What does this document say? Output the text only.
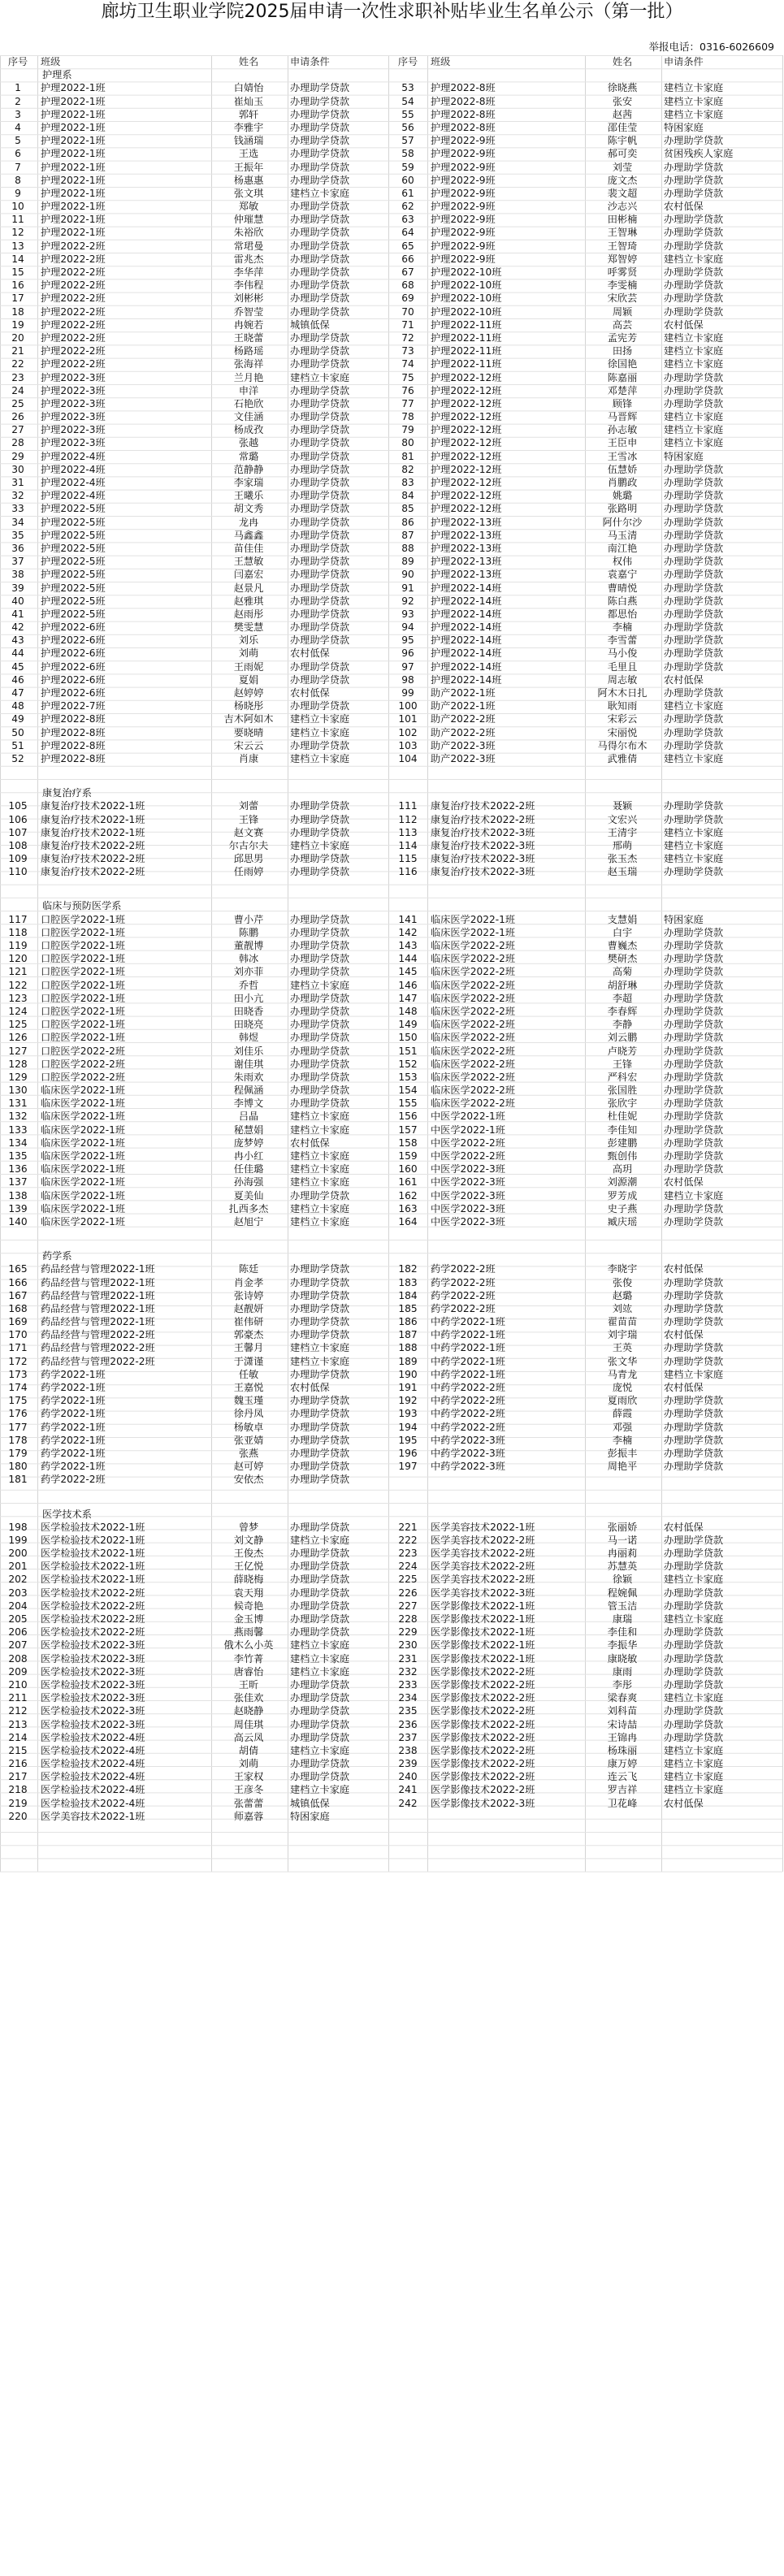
廊坊卫生职业学院2025届申请一次性求职补贴毕业生名单公示（第一批）
举报电话：0316-6026609
序号	班级	姓名	申请条件	序号	班级	姓名	申请条件
护理系
1	护理2022-1班	白婧怡	办理助学贷款	53	护理2022-8班	徐晓燕	建档立卡家庭
2	护理2022-1班	崔灿玉	办理助学贷款	54	护理2022-8班	张安	建档立卡家庭
3	护理2022-1班	郭轩	办理助学贷款	55	护理2022-8班	赵茜	建档立卡家庭
4	护理2022-1班	李雅宇	办理助学贷款	56	护理2022-8班	邵佳莹	特困家庭
5	护理2022-1班	钱涵瑞	办理助学贷款	57	护理2022-9班	陈宇帆	办理助学贷款
6	护理2022-1班	王选	办理助学贷款	58	护理2022-9班	郝可奕	贫困残疾人家庭
7	护理2022-1班	王振年	办理助学贷款	59	护理2022-9班	刘莹	办理助学贷款
8	护理2022-1班	杨惠惠	办理助学贷款	60	护理2022-9班	庞文杰	办理助学贷款
9	护理2022-1班	张文琪	建档立卡家庭	61	护理2022-9班	裴文超	办理助学贷款
10	护理2022-1班	郑敏	办理助学贷款	62	护理2022-9班	沙志兴	农村低保
11	护理2022-1班	仲璀慧	办理助学贷款	63	护理2022-9班	田彬楠	办理助学贷款
12	护理2022-1班	朱裕欣	办理助学贷款	64	护理2022-9班	王智琳	办理助学贷款
13	护理2022-2班	常珺曼	办理助学贷款	65	护理2022-9班	王智琦	办理助学贷款
14	护理2022-2班	雷兆杰	办理助学贷款	66	护理2022-9班	郑智婷	建档立卡家庭
15	护理2022-2班	李华萍	办理助学贷款	67	护理2022-10班	呼雾贤	办理助学贷款
16	护理2022-2班	李伟程	办理助学贷款	68	护理2022-10班	李雯楠	办理助学贷款
17	护理2022-2班	刘彬彬	办理助学贷款	69	护理2022-10班	宋欣芸	办理助学贷款
18	护理2022-2班	乔智莹	办理助学贷款	70	护理2022-10班	周颖	办理助学贷款
19	护理2022-2班	冉婉若	城镇低保	71	护理2022-11班	高芸	农村低保
20	护理2022-2班	王晓蕾	办理助学贷款	72	护理2022-11班	孟宪芳	建档立卡家庭
21	护理2022-2班	杨路瑶	办理助学贷款	73	护理2022-11班	田扬	建档立卡家庭
22	护理2022-2班	张海祥	办理助学贷款	74	护理2022-11班	徐国艳	建档立卡家庭
23	护理2022-3班	兰月艳	建档立卡家庭	75	护理2022-12班	陈嘉丽	办理助学贷款
24	护理2022-3班	申洋	办理助学贷款	76	护理2022-12班	邓楚萍	办理助学贷款
25	护理2022-3班	石艳欣	办理助学贷款	77	护理2022-12班	顾锋	办理助学贷款
26	护理2022-3班	文佳涵	办理助学贷款	78	护理2022-12班	马晋辉	建档立卡家庭
27	护理2022-3班	杨成孜	办理助学贷款	79	护理2022-12班	孙志敏	建档立卡家庭
28	护理2022-3班	张越	办理助学贷款	80	护理2022-12班	王臣申	建档立卡家庭
29	护理2022-4班	常璐	办理助学贷款	81	护理2022-12班	王雪冰	特困家庭
30	护理2022-4班	范静静	办理助学贷款	82	护理2022-12班	伍慧娇	办理助学贷款
31	护理2022-4班	李家瑞	办理助学贷款	83	护理2022-12班	肖鹏政	办理助学贷款
32	护理2022-4班	王曦乐	办理助学贷款	84	护理2022-12班	姚璐	办理助学贷款
33	护理2022-5班	胡文秀	办理助学贷款	85	护理2022-12班	张路明	办理助学贷款
34	护理2022-5班	龙冉	办理助学贷款	86	护理2022-13班	阿什尔沙	办理助学贷款
35	护理2022-5班	马鑫鑫	办理助学贷款	87	护理2022-13班	马玉清	办理助学贷款
36	护理2022-5班	苗佳佳	办理助学贷款	88	护理2022-13班	南江艳	办理助学贷款
37	护理2022-5班	王慧敏	办理助学贷款	89	护理2022-13班	权伟	办理助学贷款
38	护理2022-5班	闫嘉宏	办理助学贷款	90	护理2022-13班	袁嘉宁	办理助学贷款
39	护理2022-5班	赵景凡	办理助学贷款	91	护理2022-14班	曹晴悦	办理助学贷款
40	护理2022-5班	赵雅琪	办理助学贷款	92	护理2022-14班	陈白燕	办理助学贷款
41	护理2022-5班	赵雨彤	办理助学贷款	93	护理2022-14班	都思怡	办理助学贷款
42	护理2022-6班	樊雯慧	办理助学贷款	94	护理2022-14班	李楠	办理助学贷款
43	护理2022-6班	刘乐	办理助学贷款	95	护理2022-14班	李雪蕾	办理助学贷款
44	护理2022-6班	刘萌	农村低保	96	护理2022-14班	马小俊	办理助学贷款
45	护理2022-6班	王雨妮	办理助学贷款	97	护理2022-14班	毛里且	办理助学贷款
46	护理2022-6班	夏娟	办理助学贷款	98	护理2022-14班	周志敏	农村低保
47	护理2022-6班	赵婷婷	农村低保	99	助产2022-1班	阿木木日扎	办理助学贷款
48	护理2022-7班	杨晓彤	办理助学贷款	100	助产2022-1班	耿知雨	建档立卡家庭
49	护理2022-8班	吉木阿如木	建档立卡家庭	101	助产2022-2班	宋彩云	办理助学贷款
50	护理2022-8班	要晓晴	建档立卡家庭	102	助产2022-2班	宋丽悦	办理助学贷款
51	护理2022-8班	宋云云	办理助学贷款	103	助产2022-3班	马得尔布木	办理助学贷款
52	护理2022-8班	肖康	建档立卡家庭	104	助产2022-3班	武雅倩	建档立卡家庭
康复治疗系
105	康复治疗技术2022-1班	刘蕾	办理助学贷款	111	康复治疗技术2022-2班	聂颖	办理助学贷款
106	康复治疗技术2022-1班	王锋	办理助学贷款	112	康复治疗技术2022-2班	文宏兴	办理助学贷款
107	康复治疗技术2022-1班	赵文赛	办理助学贷款	113	康复治疗技术2022-3班	王清宇	建档立卡家庭
108	康复治疗技术2022-2班	尔古尔夫	建档立卡家庭	114	康复治疗技术2022-3班	邢萌	建档立卡家庭
109	康复治疗技术2022-2班	邱思男	办理助学贷款	115	康复治疗技术2022-3班	张玉杰	建档立卡家庭
110	康复治疗技术2022-2班	任雨婷	办理助学贷款	116	康复治疗技术2022-3班	赵玉瑞	办理助学贷款
临床与预防医学系
117	口腔医学2022-1班	曹小芹	办理助学贷款	141	临床医学2022-1班	支慧娟	特困家庭
118	口腔医学2022-1班	陈鹏	办理助学贷款	142	临床医学2022-1班	白宇	办理助学贷款
119	口腔医学2022-1班	董靓博	办理助学贷款	143	临床医学2022-2班	曹巍杰	办理助学贷款
120	口腔医学2022-1班	韩冰	办理助学贷款	144	临床医学2022-2班	樊研杰	办理助学贷款
121	口腔医学2022-1班	刘亦菲	办理助学贷款	145	临床医学2022-2班	高菊	办理助学贷款
122	口腔医学2022-1班	乔哲	建档立卡家庭	146	临床医学2022-2班	胡舒琳	办理助学贷款
123	口腔医学2022-1班	田小亢	办理助学贷款	147	临床医学2022-2班	李超	办理助学贷款
124	口腔医学2022-1班	田晓香	办理助学贷款	148	临床医学2022-2班	李春辉	办理助学贷款
125	口腔医学2022-1班	田晓亮	办理助学贷款	149	临床医学2022-2班	李静	办理助学贷款
126	口腔医学2022-1班	韩煜	办理助学贷款	150	临床医学2022-2班	刘云鹏	办理助学贷款
127	口腔医学2022-2班	刘佳乐	办理助学贷款	151	临床医学2022-2班	卢晓芳	办理助学贷款
128	口腔医学2022-2班	谢佳琪	办理助学贷款	152	临床医学2022-2班	王锋	办理助学贷款
129	口腔医学2022-2班	朱雨欢	办理助学贷款	153	临床医学2022-2班	严科宏	办理助学贷款
130	临床医学2022-1班	程佩涵	办理助学贷款	154	临床医学2022-2班	张国胜	办理助学贷款
131	临床医学2022-1班	李博文	办理助学贷款	155	临床医学2022-2班	张欣宇	办理助学贷款
132	临床医学2022-1班	吕晶	建档立卡家庭	156	中医学2022-1班	杜佳妮	办理助学贷款
133	临床医学2022-1班	秘慧娟	建档立卡家庭	157	中医学2022-1班	李佳知	办理助学贷款
134	临床医学2022-1班	庞梦婷	农村低保	158	中医学2022-2班	彭建鹏	办理助学贷款
135	临床医学2022-1班	冉小红	建档立卡家庭	159	中医学2022-2班	甄创伟	办理助学贷款
136	临床医学2022-1班	任佳璐	建档立卡家庭	160	中医学2022-3班	高玥	办理助学贷款
137	临床医学2022-1班	孙海强	建档立卡家庭	161	中医学2022-3班	刘源潮	农村低保
138	临床医学2022-1班	夏美仙	办理助学贷款	162	中医学2022-3班	罗芳成	建档立卡家庭
139	临床医学2022-1班	扎西多杰	建档立卡家庭	163	中医学2022-3班	史子燕	办理助学贷款
140	临床医学2022-1班	赵旭宁	建档立卡家庭	164	中医学2022-3班	臧庆瑶	办理助学贷款
药学系
165	药品经营与管理2022-1班	陈廷	办理助学贷款	182	药学2022-2班	李晓宇	农村低保
166	药品经营与管理2022-1班	肖金孝	办理助学贷款	183	药学2022-2班	张俊	办理助学贷款
167	药品经营与管理2022-1班	张诗婷	办理助学贷款	184	药学2022-2班	赵璐	办理助学贷款
168	药品经营与管理2022-1班	赵靓妍	办理助学贷款	185	药学2022-2班	刘竑	办理助学贷款
169	药品经营与管理2022-1班	崔伟研	办理助学贷款	186	中药学2022-1班	翟苗苗	办理助学贷款
170	药品经营与管理2022-2班	郭豪杰	办理助学贷款	187	中药学2022-1班	刘宇瑞	农村低保
171	药品经营与管理2022-2班	王馨月	建档立卡家庭	188	中药学2022-1班	王英	办理助学贷款
172	药品经营与管理2022-2班	于潇谨	建档立卡家庭	189	中药学2022-1班	张文华	办理助学贷款
173	药学2022-1班	任敏	办理助学贷款	190	中药学2022-1班	马青龙	建档立卡家庭
174	药学2022-1班	王嘉悦	农村低保	191	中药学2022-2班	庞悦	农村低保
175	药学2022-1班	魏玉瑾	办理助学贷款	192	中药学2022-2班	夏雨欣	办理助学贷款
176	药学2022-1班	徐丹凤	办理助学贷款	193	中药学2022-2班	薛霞	办理助学贷款
177	药学2022-1班	杨敏卓	办理助学贷款	194	中药学2022-2班	邓强	办理助学贷款
178	药学2022-1班	张亚婧	办理助学贷款	195	中药学2022-3班	李楠	办理助学贷款
179	药学2022-1班	张燕	办理助学贷款	196	中药学2022-3班	彭振丰	办理助学贷款
180	药学2022-1班	赵可婷	办理助学贷款	197	中药学2022-3班	周艳平	办理助学贷款
181	药学2022-2班	安依杰	办理助学贷款
医学技术系
198	医学检验技术2022-1班	曾梦	办理助学贷款	221	医学美容技术2022-1班	张丽娇	农村低保
199	医学检验技术2022-1班	刘文静	建档立卡家庭	222	医学美容技术2022-2班	马一诺	办理助学贷款
200	医学检验技术2022-1班	王俊杰	办理助学贷款	223	医学美容技术2022-2班	冉丽莉	办理助学贷款
201	医学检验技术2022-1班	王亿悦	办理助学贷款	224	医学美容技术2022-2班	苏慧英	办理助学贷款
202	医学检验技术2022-1班	薛晓梅	办理助学贷款	225	医学美容技术2022-2班	徐颖	建档立卡家庭
203	医学检验技术2022-2班	袁天翔	办理助学贷款	226	医学美容技术2022-3班	程婉佩	办理助学贷款
204	医学检验技术2022-2班	候奇艳	办理助学贷款	227	医学影像技术2022-1班	管玉洁	办理助学贷款
205	医学检验技术2022-2班	金玉博	办理助学贷款	228	医学影像技术2022-1班	康瑞	建档立卡家庭
206	医学检验技术2022-2班	燕雨馨	办理助学贷款	229	医学影像技术2022-1班	李佳和	办理助学贷款
207	医学检验技术2022-3班	俄木么小英	建档立卡家庭	230	医学影像技术2022-1班	李振华	办理助学贷款
208	医学检验技术2022-3班	李竹菁	建档立卡家庭	231	医学影像技术2022-1班	康晓敏	办理助学贷款
209	医学检验技术2022-3班	唐睿怡	建档立卡家庭	232	医学影像技术2022-2班	康雨	办理助学贷款
210	医学检验技术2022-3班	王昕	办理助学贷款	233	医学影像技术2022-2班	李彤	办理助学贷款
211	医学检验技术2022-3班	张佳欢	办理助学贷款	234	医学影像技术2022-2班	梁春爽	建档立卡家庭
212	医学检验技术2022-3班	赵晓静	办理助学贷款	235	医学影像技术2022-2班	刘科苗	办理助学贷款
213	医学检验技术2022-3班	周佳琪	办理助学贷款	236	医学影像技术2022-2班	宋诗喆	办理助学贷款
214	医学检验技术2022-4班	高云凤	办理助学贷款	237	医学影像技术2022-2班	王锦冉	办理助学贷款
215	医学检验技术2022-4班	胡倩	建档立卡家庭	238	医学影像技术2022-2班	杨珠丽	建档立卡家庭
216	医学检验技术2022-4班	刘萌	办理助学贷款	239	医学影像技术2022-2班	康万婷	建档立卡家庭
217	医学检验技术2022-4班	王家权	办理助学贷款	240	医学影像技术2022-2班	连云飞	建档立卡家庭
218	医学检验技术2022-4班	王彦冬	建档立卡家庭	241	医学影像技术2022-2班	罗吉祥	建档立卡家庭
219	医学检验技术2022-4班	张蕾蕾	城镇低保	242	医学影像技术2022-3班	卫花峰	农村低保
220	医学美容技术2022-1班	师嘉蓉	特困家庭
